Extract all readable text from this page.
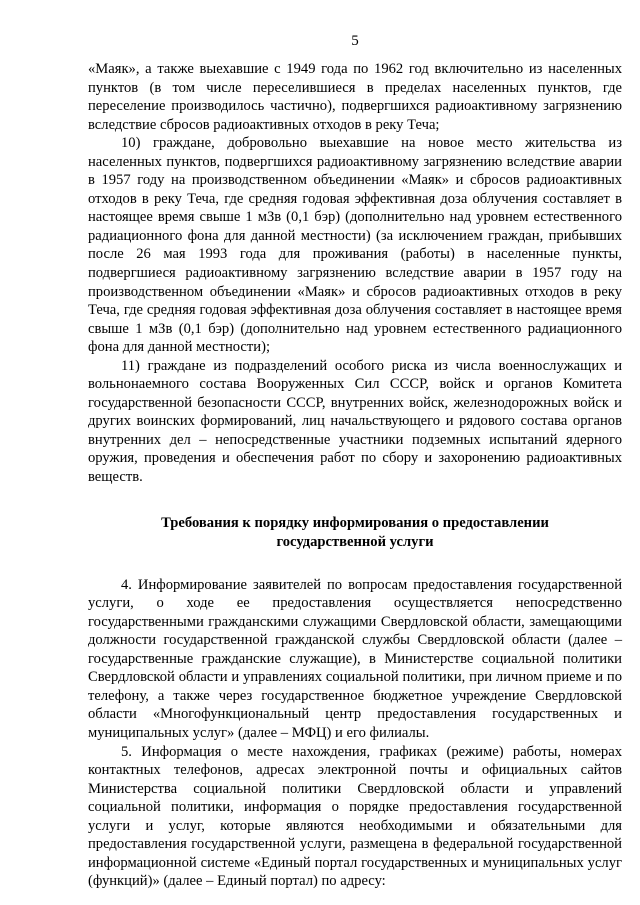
5

«Маяк», а также выехавшие с 1949 года по 1962 год включительно из населенных пунктов (в том числе переселившиеся в пределах населенных пунктов, где переселение производилось частично), подвергшихся радиоактивному загрязнению вследствие сбросов радиоактивных отходов в реку Теча;

10) граждане, добровольно выехавшие на новое место жительства из населенных пунктов, подвергшихся радиоактивному загрязнению вследствие аварии в 1957 году на производственном объединении «Маяк» и сбросов радиоактивных отходов в реку Теча, где средняя годовая эффективная доза облучения составляет в настоящее время свыше 1 мЗв (0,1 бэр) (дополнительно над уровнем естественного радиационного фона для данной местности) (за исключением граждан, прибывших после 26 мая 1993 года для проживания (работы) в населенные пункты, подвергшиеся радиоактивному загрязнению вследствие аварии в 1957 году на производственном объединении «Маяк» и сбросов радиоактивных отходов в реку Теча, где средняя годовая эффективная доза облучения составляет в настоящее время свыше 1 мЗв (0,1 бэр) (дополнительно над уровнем естественного радиационного фона для данной местности);

11) граждане из подразделений особого риска из числа военнослужащих и вольнонаемного состава Вооруженных Сил СССР, войск и органов Комитета государственной безопасности СССР, внутренних войск, железнодорожных войск и других воинских формирований, лиц начальствующего и рядового состава органов внутренних дел – непосредственные участники подземных испытаний ядерного оружия, проведения и обеспечения работ по сбору и захоронению радиоактивных веществ.

Требования к порядку информирования о предоставлении государственной услуги

4. Информирование заявителей по вопросам предоставления государственной услуги, о ходе ее предоставления осуществляется непосредственно государственными гражданскими служащими Свердловской области, замещающими должности государственной гражданской службы Свердловской области (далее – государственные гражданские служащие), в Министерстве социальной политики Свердловской области и управлениях социальной политики, при личном приеме и по телефону, а также через государственное бюджетное учреждение Свердловской области «Многофункциональный центр предоставления государственных и муниципальных услуг» (далее – МФЦ) и его филиалы.

5. Информация о месте нахождения, графиках (режиме) работы, номерах контактных телефонов, адресах электронной почты и официальных сайтов Министерства социальной политики Свердловской области и управлений социальной политики, информация о порядке предоставления государственной услуги и услуг, которые являются необходимыми и обязательными для предоставления государственной услуги, размещена в федеральной государственной информационной системе «Единый портал государственных и муниципальных услуг (функций)» (далее – Единый портал) по адресу:
